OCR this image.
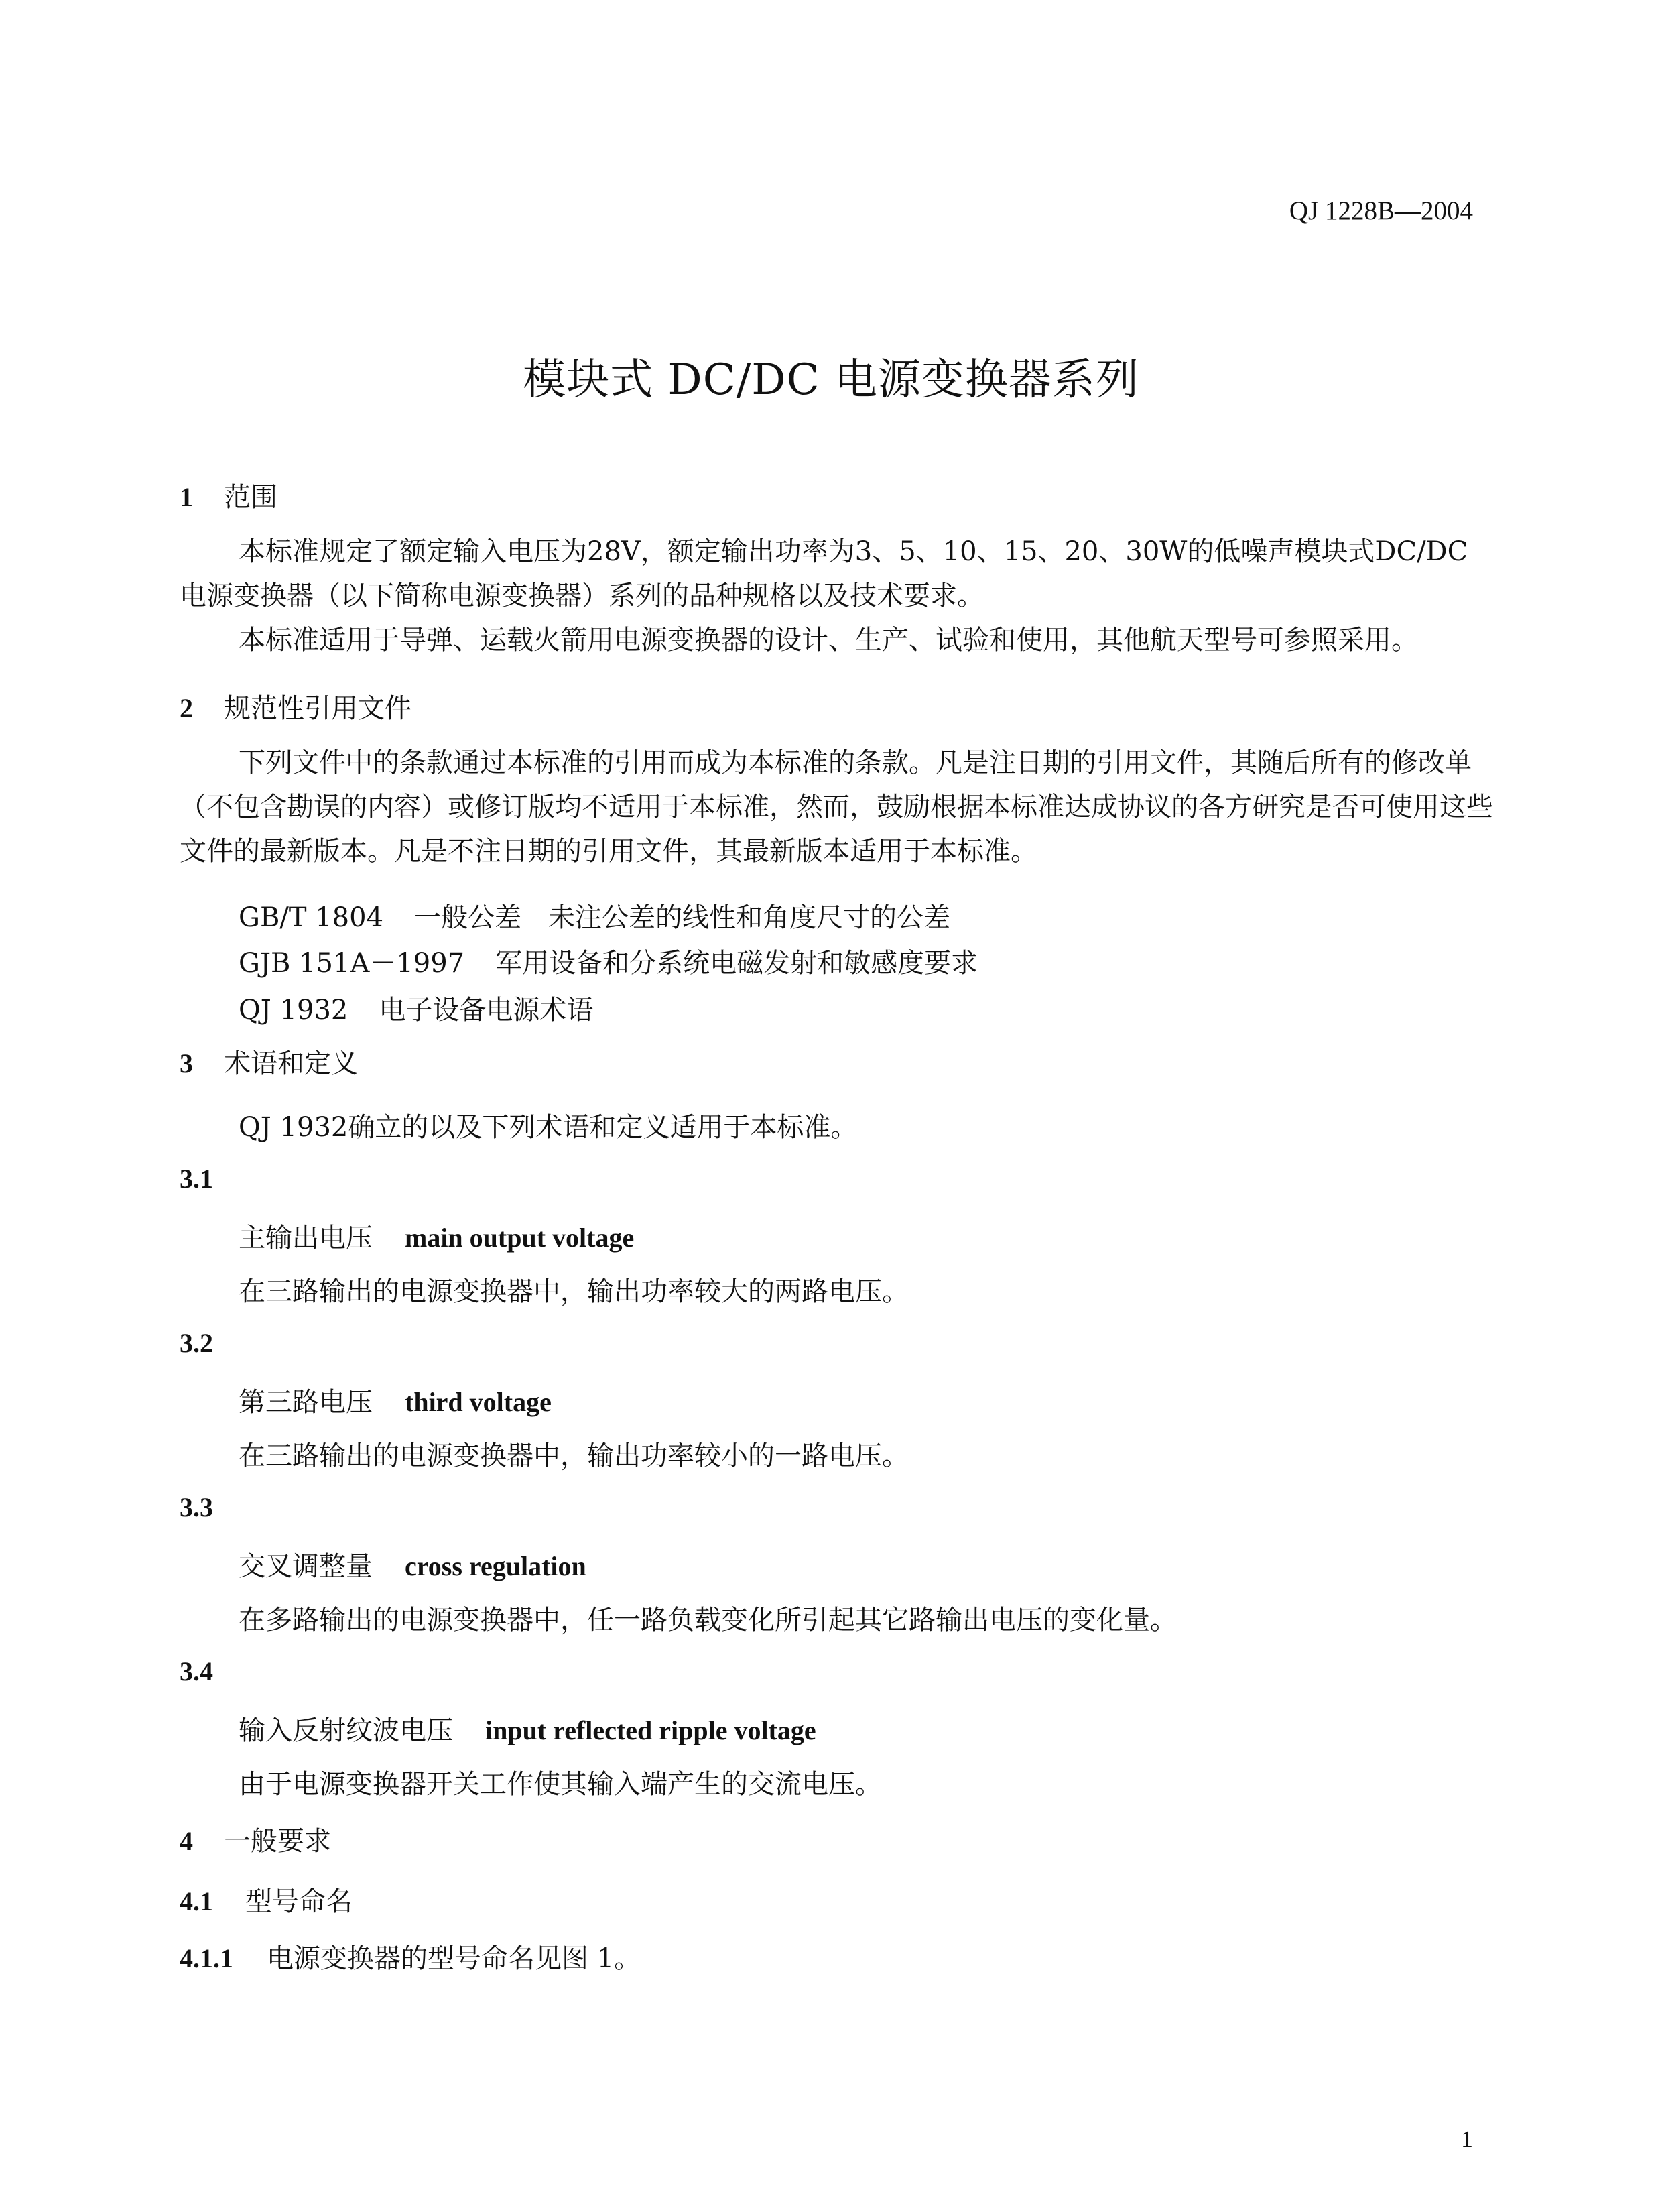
QJ 1228B—2004
模块式 DC/DC 电源变换器系列
1 范围
本标准规定了额定输入电压为28V，额定输出功率为3、5、10、15、20、30W的低噪声模块式DC/DC电源变换器（以下简称电源变换器）系列的品种规格以及技术要求。
本标准适用于导弹、运载火箭用电源变换器的设计、生产、试验和使用，其他航天型号可参照采用。
2 规范性引用文件
下列文件中的条款通过本标准的引用而成为本标准的条款。凡是注日期的引用文件，其随后所有的修改单（不包含勘误的内容）或修订版均不适用于本标准，然而，鼓励根据本标准达成协议的各方研究是否可使用这些文件的最新版本。凡是不注日期的引用文件，其最新版本适用于本标准。
GB/T 1804 一般公差　未注公差的线性和角度尺寸的公差
GJB 151A－1997 军用设备和分系统电磁发射和敏感度要求
QJ 1932 电子设备电源术语
3 术语和定义
QJ 1932确立的以及下列术语和定义适用于本标准。
3.1
主输出电压 main output voltage
在三路输出的电源变换器中，输出功率较大的两路电压。
3.2
第三路电压 third voltage
在三路输出的电源变换器中，输出功率较小的一路电压。
3.3
交叉调整量 cross regulation
在多路输出的电源变换器中，任一路负载变化所引起其它路输出电压的变化量。
3.4
输入反射纹波电压 input reflected ripple voltage
由于电源变换器开关工作使其输入端产生的交流电压。
4 一般要求
4.1 型号命名
4.1.1 电源变换器的型号命名见图 1。
1
